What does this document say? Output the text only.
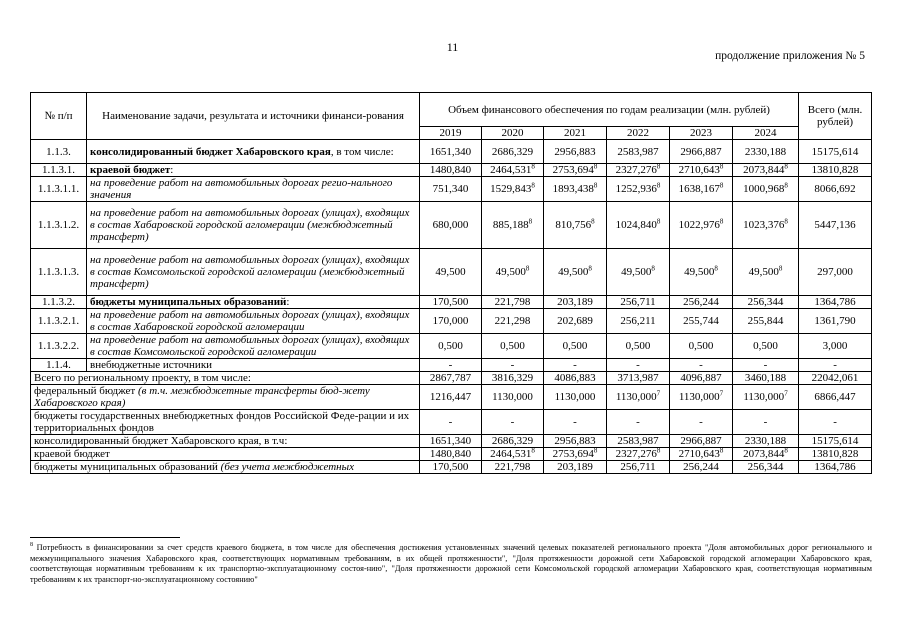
11
продолжение приложения № 5
№ п/п	Наименование задачи, результата и источники финанси-рования	Объем финансового обеспечения по годам реализации (млн. рублей)						Всего (млн. рублей)
		2019	2020	2021	2022	2023	2024	
1.1.3.	консолидированный бюджет Хабаровского края, в том числе:	1651,340	2686,329	2956,883	2583,987	2966,887	2330,188	15175,614
1.1.3.1.	краевой бюджет:	1480,840	2464,531$^8$	2753,694$^8$	2327,276$^8$	2710,643$^8$	2073,844$^8$	13810,828
1.1.3.1.1.	на проведение работ на автомобильных дорогах регио-нального значения	751,340	1529,843$^8$	1893,438$^8$	1252,936$^8$	1638,167$^8$	1000,968$^8$	8066,692
1.1.3.1.2.	на проведение работ на автомобильных дорогах (улицах), входящих в состав Хабаровской городской агломерации (межбюджетный трансферт)	680,000	885,188$^8$	810,756$^8$	1024,840$^8$	1022,976$^8$	1023,376$^8$	5447,136
1.1.3.1.3.	на проведение работ на автомобильных дорогах (улицах), входящих в состав Комсомольской городской агломерации (межбюджетный трансферт)	49,500	49,500$^8$	49,500$^8$	49,500$^8$	49,500$^8$	49,500$^8$	297,000
1.1.3.2.	бюджеты муниципальных образований:	170,500	221,798	203,189	256,711	256,244	256,344	1364,786
1.1.3.2.1.	на проведение работ на автомобильных дорогах (улицах), входящих в состав Хабаровской городской агломерации	170,000	221,298	202,689	256,211	255,744	255,844	1361,790
1.1.3.2.2.	на проведение работ на автомобильных дорогах (улицах), входящих в состав Комсомольской городской агломерации	0,500	0,500	0,500	0,500	0,500	0,500	3,000
1.1.4.	внебюджетные источники	-	-	-	-	-	-	-
Всего по региональному проекту, в том числе:		2867,787	3816,329	4086,883	3713,987	4096,887	3460,188	22042,061
федеральный бюджет (в т.ч. межбюджетные трансферты бюд-жету Хабаровского края)		1216,447	1130,000	1130,000	1130,000$^7$	1130,000$^7$	1130,000$^7$	6866,447
бюджеты государственных внебюджетных фондов Российской Феде-рации и их территориальных фондов		-	-	-	-	-	-	-
консолидированный бюджет Хабаровского края, в т.ч:		1651,340	2686,329	2956,883	2583,987	2966,887	2330,188	15175,614
краевой бюджет		1480,840	2464,531$^8$	2753,694$^8$	2327,276$^8$	2710,643$^8$	2073,844$^8$	13810,828
бюджеты муниципальных образований (без учета межбюджетных		170,500	221,798	203,189	256,711	256,244	256,344	1364,786
$^8$ Потребность в финансировании за счет средств краевого бюджета, в том числе для обеспечения достижения установленных значений целевых показателей регионального проекта "Доля автомобильных дорог регионального и межмуниципального значения Хабаровского края, соответствующих нормативным требованиям, в их общей протяженности", "Доля протяженности дорожной сети Хабаровской городской агломерации Хабаровского края, соответствующая нормативным требованиям к их транспортно-эксплуатационному состоя-нию", "Доля протяженности дорожной сети Комсомольской городской агломерации Хабаровского края, соответствующая нормативным требованиям к их транспорт-но-эксплуатационному состоянию"
